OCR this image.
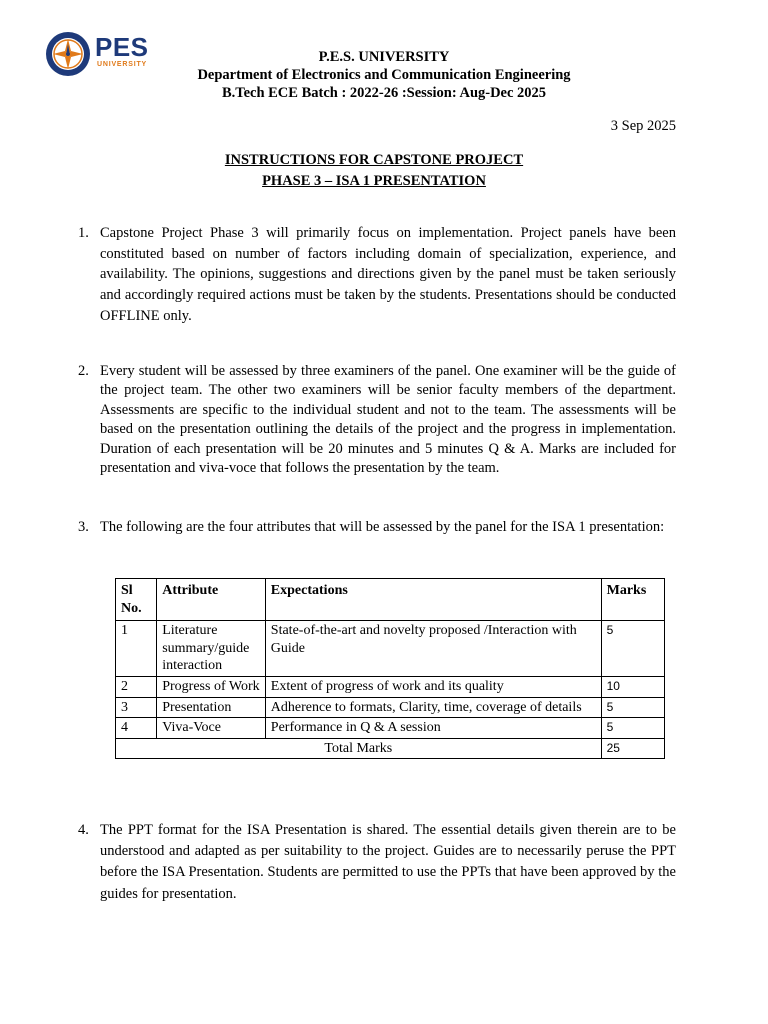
PES
UNIVERSITY	P.E.S. UNIVERSITY
Department of Electronics and Communication Engineering
B.Tech ECE Batch : 2022-26 :Session: Aug-Dec 2025
3 Sep 2025
INSTRUCTIONS FOR CAPSTONE PROJECT
PHASE 3 – ISA 1 PRESENTATION
1. Capstone Project Phase 3 will primarily focus on implementation. Project panels have been constituted based on number of factors including domain of specialization, experience, and availability. The opinions, suggestions and directions given by the panel must be taken seriously and accordingly required actions must be taken by the students. Presentations should be conducted OFFLINE only.
2. Every student will be assessed by three examiners of the panel. One examiner will be the guide of the project team. The other two examiners will be senior faculty members of the department. Assessments are specific to the individual student and not to the team. The assessments will be based on the presentation outlining the details of the project and the progress in implementation. Duration of each presentation will be 20 minutes and 5 minutes Q & A. Marks are included for presentation and viva-voce that follows the presentation by the team.
3. The following are the four attributes that will be assessed by the panel for the ISA 1 presentation:
Sl No.	Attribute	Expectations	Marks
1	Literature summary/guide interaction	State-of-the-art and novelty proposed /Interaction with Guide	5
2	Progress of Work	Extent of progress of work and its quality	10
3	Presentation	Adherence to formats, Clarity, time, coverage of details	5
4	Viva-Voce	Performance in Q & A session	5
Total Marks			25
4. The PPT format for the ISA Presentation is shared. The essential details given therein are to be understood and adapted as per suitability to the project. Guides are to necessarily peruse the PPT before the ISA Presentation. Students are permitted to use the PPTs that have been approved by the guides for presentation.
